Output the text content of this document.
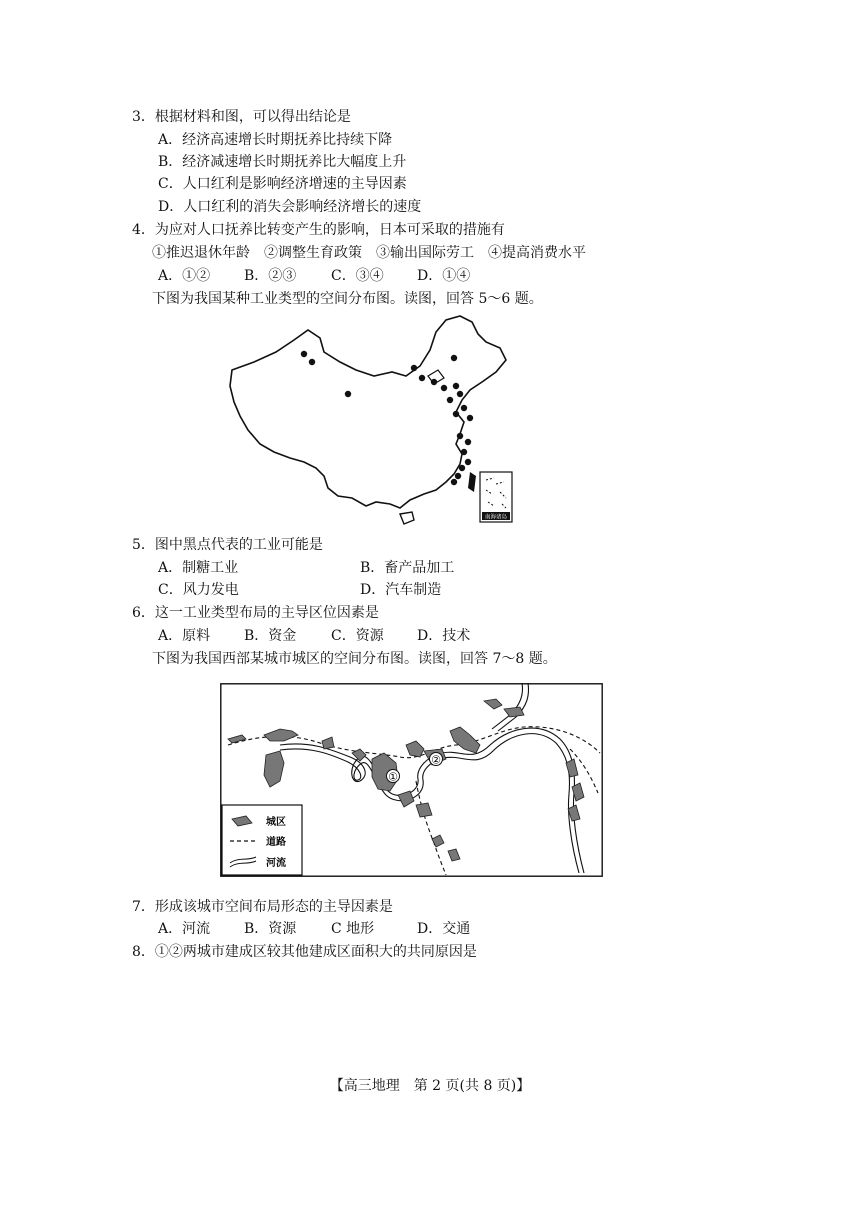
3．根据材料和图，可以得出结论是
A．经济高速增长时期抚养比持续下降
B．经济减速增长时期抚养比大幅度上升
C．人口红利是影响经济增速的主导因素
D．人口红利的消失会影响经济增长的速度
4．为应对人口抚养比转变产生的影响，日本可采取的措施有
①推迟退休年龄　②调整生育政策　③输出国际劳工　④提高消费水平
A．①② B．②③ C．③④ D．①④
下图为我国某种工业类型的空间分布图。读图，回答 5～6 题。
南海诸岛
5．图中黑点代表的工业可能是
A．制糖工业	B．畜产品加工
C．风力发电	D．汽车制造
6．这一工业类型布局的主导区位因素是
A．原料 B．资金 C．资源 D．技术
下图为我国西部某城市城区的空间分布图。读图，回答 7～8 题。
①
②
城区
道路
河流
7．形成该城市空间布局形态的主导因素是
A．河流 B．资源 C 地形	D．交通
8．①②两城市建成区较其他建成区面积大的共同原因是
【高三地理　第 2 页(共 8 页)】
